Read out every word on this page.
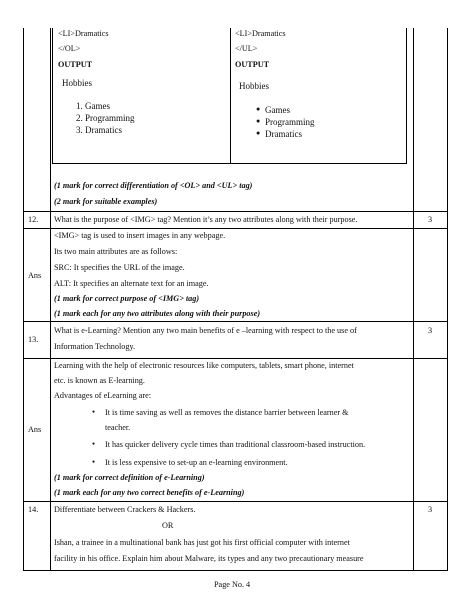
<LI>Dramatics
</OL>
OUTPUT
Hobbies
1. Games
2. Programming
3. Dramatics
<LI>Dramatics
</UL>
OUTPUT
Hobbies
● Games
● Programming
● Dramatics
(1 mark for correct differentiation of <OL> and <UL> tag)
(2 mark for suitable examples)
12. What is the purpose of <IMG> tag? Mention it’s any two attributes along with their purpose.	3
Ans
<IMG> tag is used to insert images in any webpage.
Its two main attributes are as follows:
SRC: It specifies the URL of the image.
ALT: It specifies an alternate text for an image.
(1 mark for correct purpose of <IMG> tag)
(1 mark each for any two attributes along with their purpose)
13.
What is e-Learning? Mention any two main benefits of e –learning with respect to the use of
Information Technology.
3
Ans
Learning with the help of electronic resources like computers, tablets, smart phone, internet
etc. is known as E-learning.
Advantages of eLearning are:
● It is time saving as well as removes the distance barrier between learner &
teacher.
● It has quicker delivery cycle times than traditional classroom-based instruction.
● It is less expensive to set-up an e-learning environment.
(1 mark for correct definition of e-Learning)
(1 mark each for any two correct benefits of e-Learning)
14. Differentiate between Crackers & Hackers.	3
OR
Ishan, a trainee in a multinational bank has just got his first official computer with internet
facility in his office. Explain him about Malware, its types and any two precautionary measure
Page No. 4
